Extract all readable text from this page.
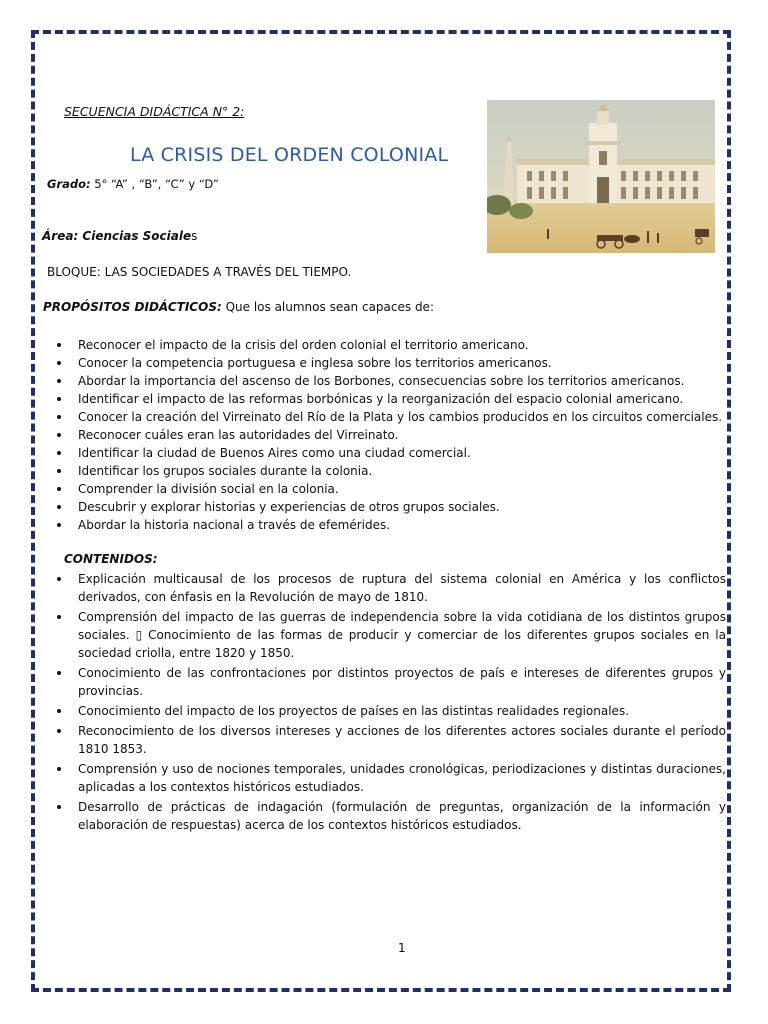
SECUENCIA DIDÁCTICA N° 2:
LA CRISIS DEL ORDEN COLONIAL
Grado: 5° “A” , “B”, “C” y “D”
Área: Ciencias Sociales
BLOQUE: LAS SOCIEDADES A TRAVÉS DEL TIEMPO.
PROPÓSITOS DIDÁCTICOS: Que los alumnos sean capaces de:
Reconocer el impacto de la crisis del orden colonial el territorio americano.
Conocer la competencia portuguesa e inglesa sobre los territorios americanos.
Abordar la importancia del ascenso de los Borbones, consecuencias sobre los territorios americanos.
Identificar el impacto de las reformas borbónicas y la reorganización del espacio colonial americano.
Conocer la creación del Virreinato del Río de la Plata y los cambios producidos en los circuitos comerciales.
Reconocer cuáles eran las autoridades del Virreinato.
Identificar la ciudad de Buenos Aires como una ciudad comercial.
Identificar los grupos sociales durante la colonia.
Comprender la división social en la colonia.
Descubrir y explorar historias y experiencias de otros grupos sociales.
Abordar la historia nacional a través de efemérides.
CONTENIDOS:
Explicación multicausal de los procesos de ruptura del sistema colonial en América y los conflictos derivados, con énfasis en la Revolución de mayo de 1810.
Comprensión del impacto de las guerras de independencia sobre la vida cotidiana de los distintos grupos sociales. ▯ Conocimiento de las formas de producir y comerciar de los diferentes grupos sociales en la sociedad criolla, entre 1820 y 1850.
Conocimiento de las confrontaciones por distintos proyectos de país e intereses de diferentes grupos y provincias.
Conocimiento del impacto de los proyectos de países en las distintas realidades regionales.
Reconocimiento de los diversos intereses y acciones de los diferentes actores sociales durante el período 1810 1853.
Comprensión y uso de nociones temporales, unidades cronológicas, periodizaciones y distintas duraciones, aplicadas a los contextos históricos estudiados.
Desarrollo de prácticas de indagación (formulación de preguntas, organización de la información y elaboración de respuestas) acerca de los contextos históricos estudiados.
1
